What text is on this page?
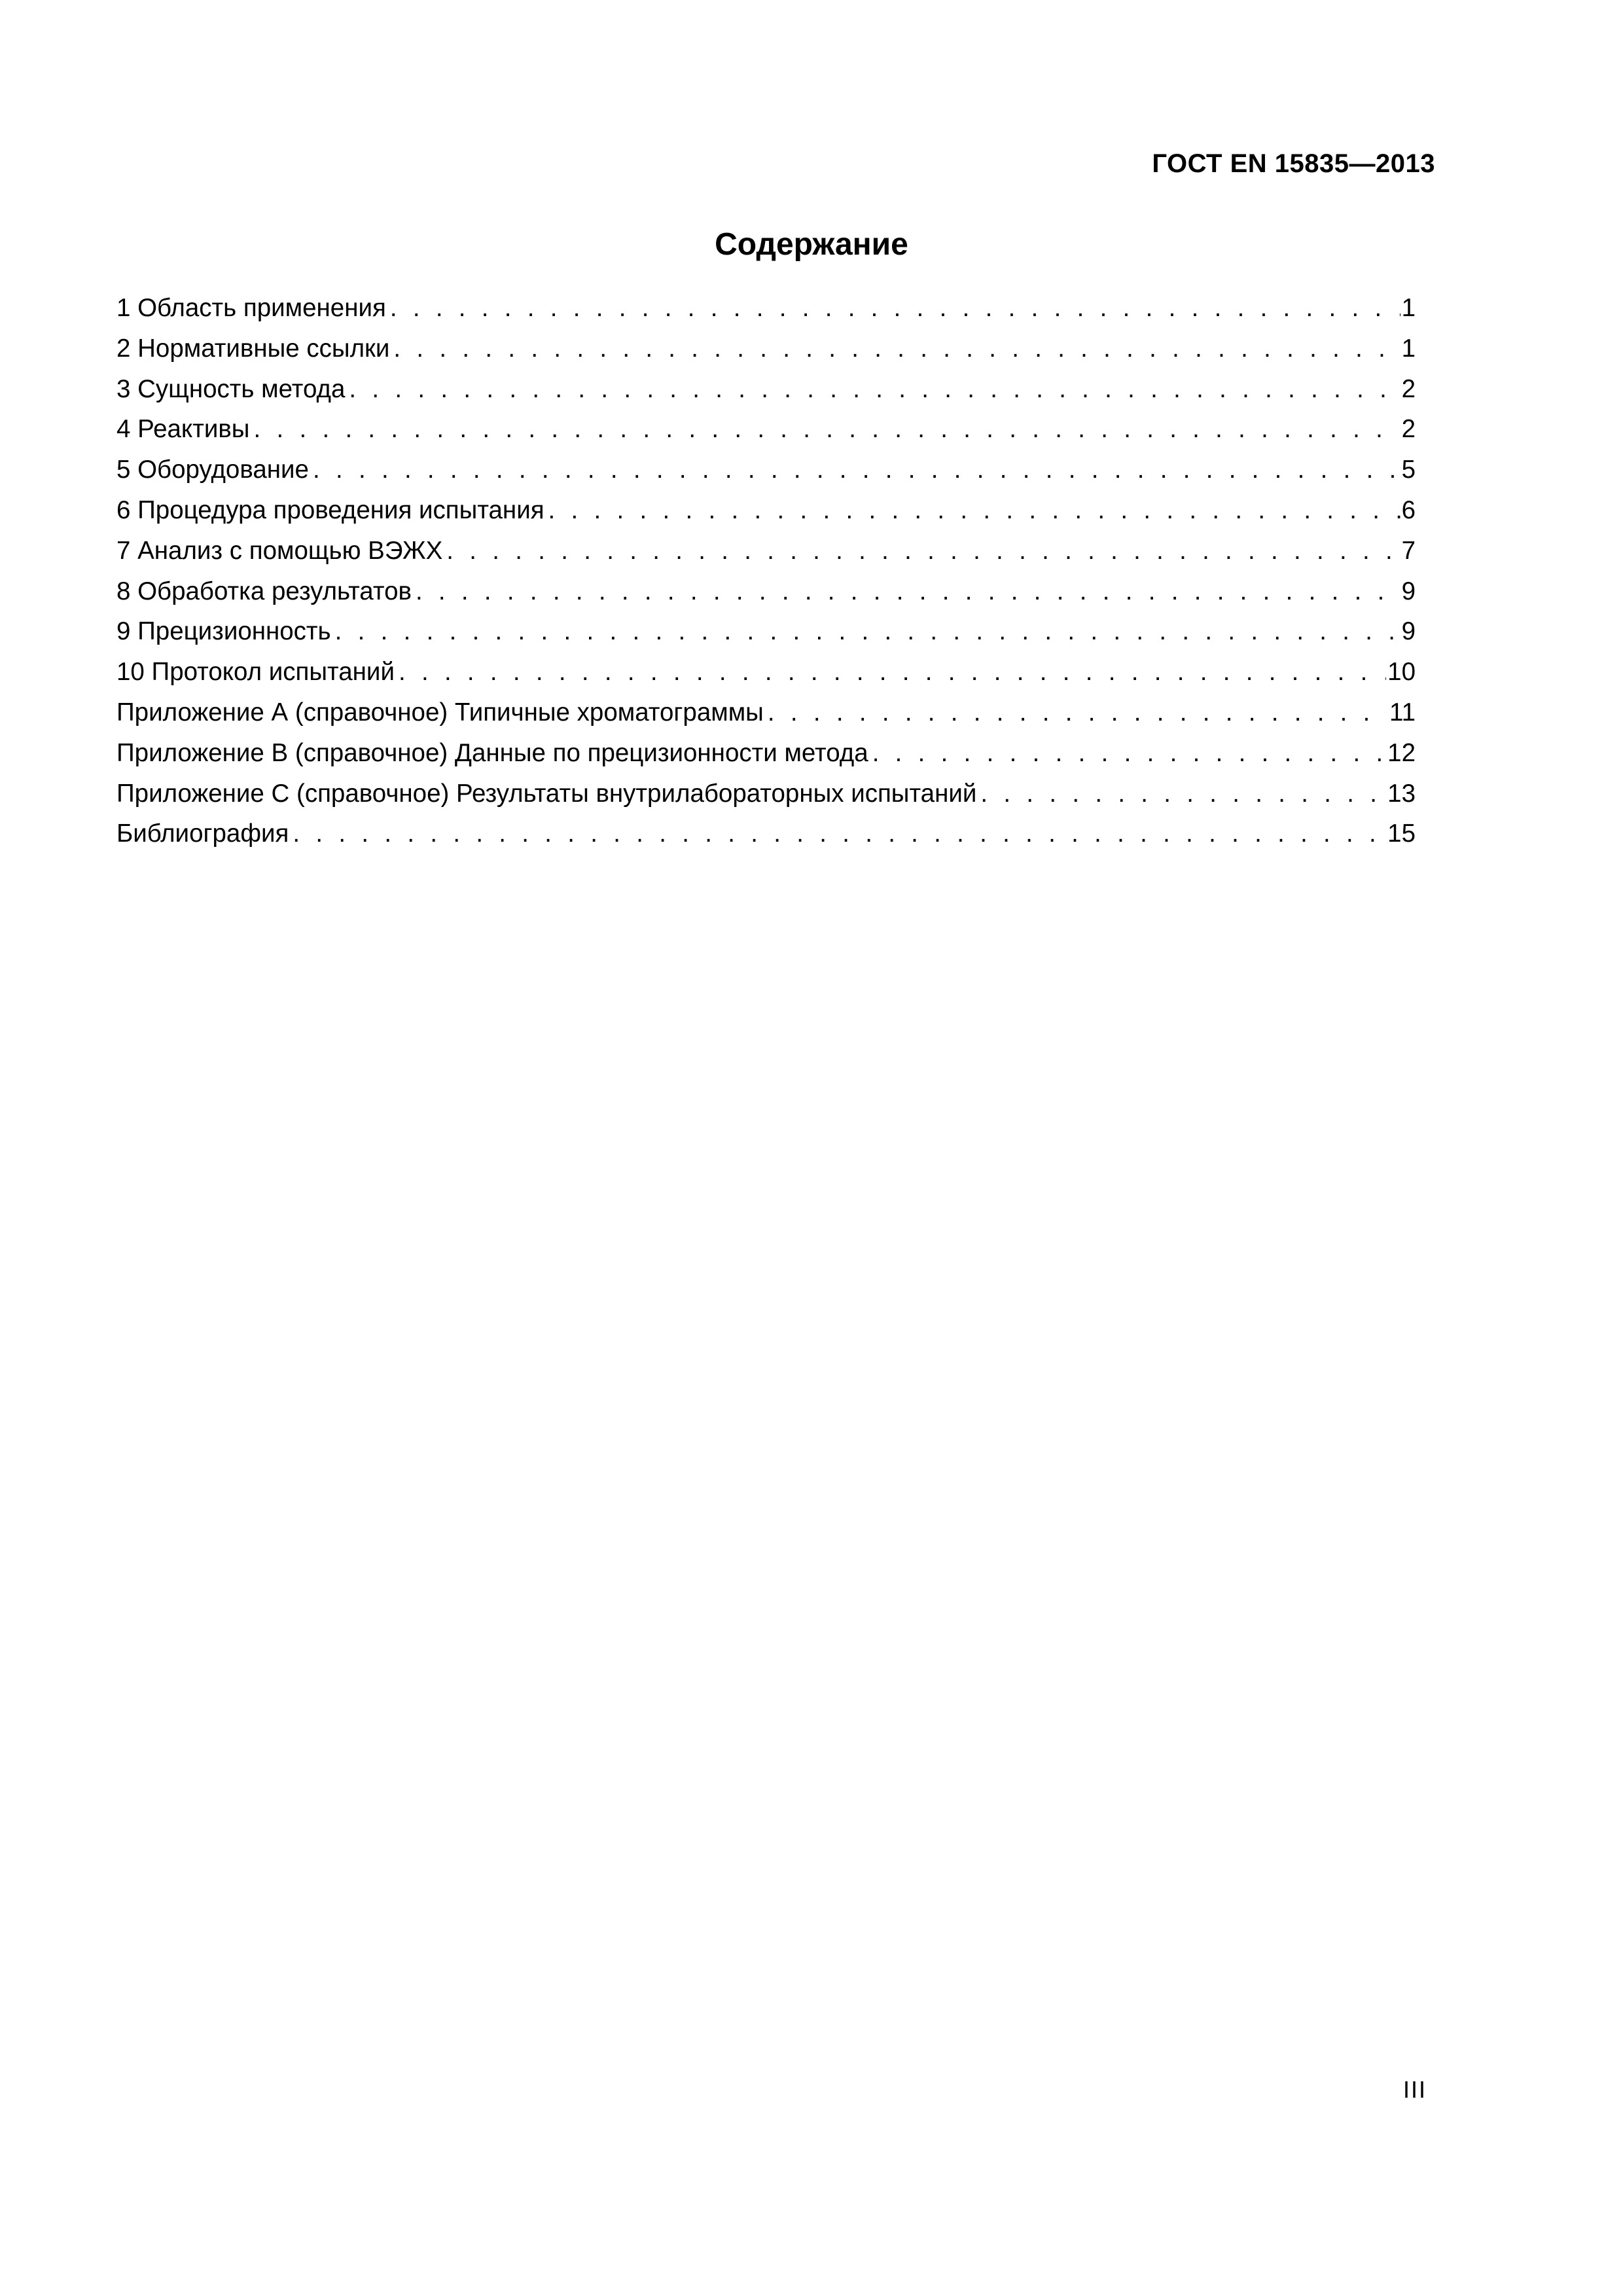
ГОСТ EN 15835—2013
Содержание
1 Область применения . . .	1
2 Нормативные ссылки . . .	1
3 Сущность метода . . .	2
4 Реактивы . . .	2
5 Оборудование . . .	5
6 Процедура проведения испытания . . .	6
7 Анализ с помощью ВЭЖХ . . .	7
8 Обработка результатов . . .	9
9 Прецизионность . . .	9
10 Протокол испытаний . . .	10
Приложение А (справочное) Типичные хроматограммы . . .	11
Приложение В (справочное) Данные по прецизионности метода . . .	12
Приложение С (справочное) Результаты внутрилабораторных испытаний . . .	13
Библиография . . .	15
III
